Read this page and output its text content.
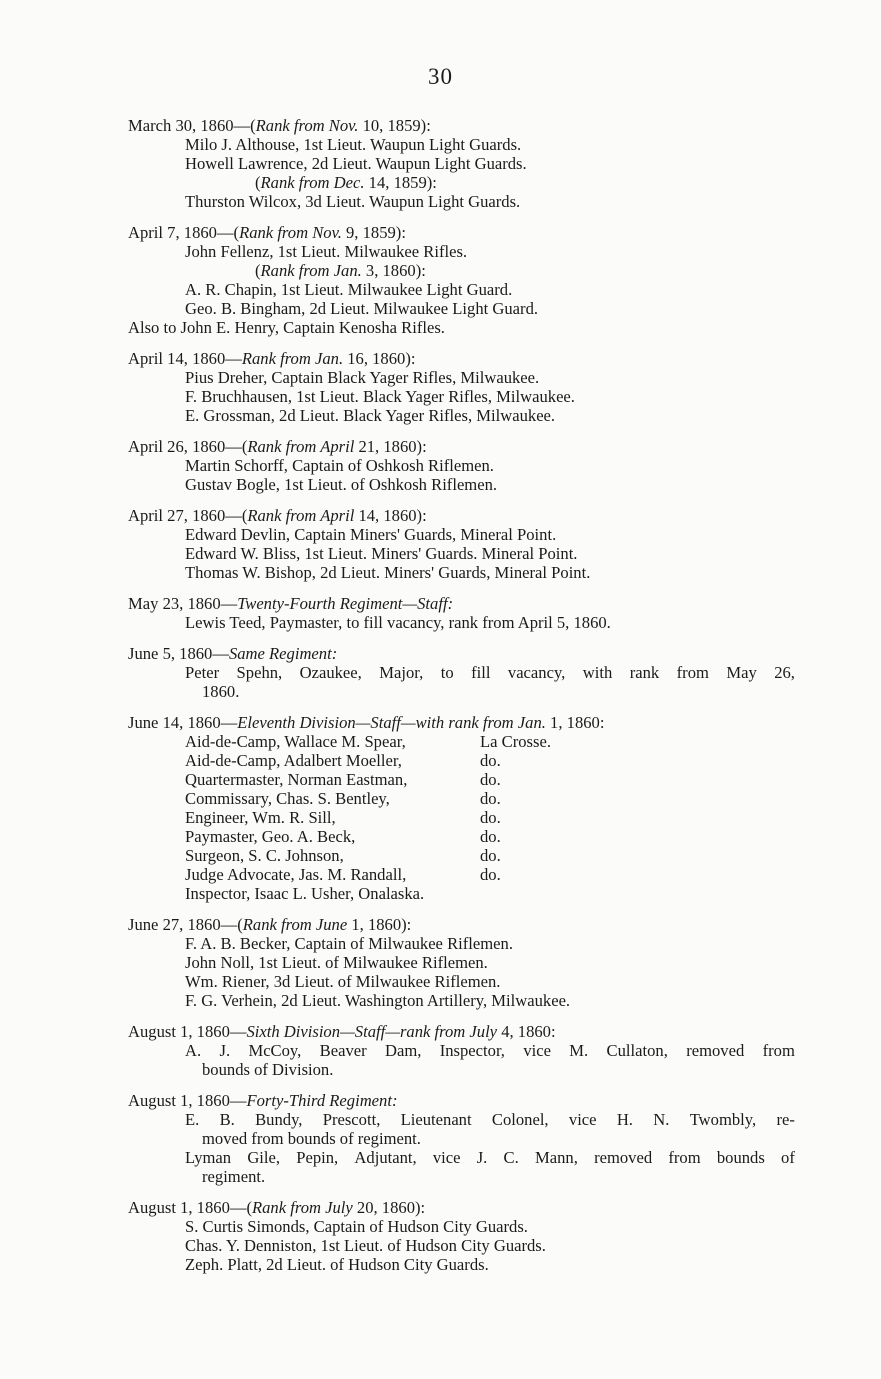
30
March 30, 1860—(Rank from Nov. 10, 1859):
Milo J. Althouse, 1st Lieut. Waupun Light Guards.
Howell Lawrence, 2d Lieut. Waupun Light Guards.
(Rank from Dec. 14, 1859):
Thurston Wilcox, 3d Lieut. Waupun Light Guards.
April 7, 1860—(Rank from Nov. 9, 1859):
John Fellenz, 1st Lieut. Milwaukee Rifles.
(Rank from Jan. 3, 1860):
A. R. Chapin, 1st Lieut. Milwaukee Light Guard.
Geo. B. Bingham, 2d Lieut. Milwaukee Light Guard.
Also to John E. Henry, Captain Kenosha Rifles.
April 14, 1860—Rank from Jan. 16, 1860):
Pius Dreher, Captain Black Yager Rifles, Milwaukee.
F. Bruchhausen, 1st Lieut. Black Yager Rifles, Milwaukee.
E. Grossman, 2d Lieut. Black Yager Rifles, Milwaukee.
April 26, 1860—(Rank from April 21, 1860):
Martin Schorff, Captain of Oshkosh Riflemen.
Gustav Bogle, 1st Lieut. of Oshkosh Riflemen.
April 27, 1860—(Rank from April 14, 1860):
Edward Devlin, Captain Miners' Guards, Mineral Point.
Edward W. Bliss, 1st Lieut. Miners' Guards. Mineral Point.
Thomas W. Bishop, 2d Lieut. Miners' Guards, Mineral Point.
May 23, 1860—Twenty-Fourth Regiment—Staff:
Lewis Teed, Paymaster, to fill vacancy, rank from April 5, 1860.
June 5, 1860—Same Regiment:
Peter Spehn, Ozaukee, Major, to fill vacancy, with rank from May 26,
1860.
June 14, 1860—Eleventh Division—Staff—with rank from Jan. 1, 1860:
Aid-de-Camp, Wallace M. Spear,	La Crosse.
Aid-de-Camp, Adalbert Moeller,	do.
Quartermaster, Norman Eastman,	do.
Commissary, Chas. S. Bentley,	do.
Engineer, Wm. R. Sill,	do.
Paymaster, Geo. A. Beck,	do.
Surgeon, S. C. Johnson,	do.
Judge Advocate, Jas. M. Randall,	do.
Inspector, Isaac L. Usher, Onalaska.
June 27, 1860—(Rank from June 1, 1860):
F. A. B. Becker, Captain of Milwaukee Riflemen.
John Noll, 1st Lieut. of Milwaukee Riflemen.
Wm. Riener, 3d Lieut. of Milwaukee Riflemen.
F. G. Verhein, 2d Lieut. Washington Artillery, Milwaukee.
August 1, 1860—Sixth Division—Staff—rank from July 4, 1860:
A. J. McCoy, Beaver Dam, Inspector, vice M. Cullaton, removed from
bounds of Division.
August 1, 1860—Forty-Third Regiment:
E. B. Bundy, Prescott, Lieutenant Colonel, vice H. N. Twombly, re-
moved from bounds of regiment.
Lyman Gile, Pepin, Adjutant, vice J. C. Mann, removed from bounds of
regiment.
August 1, 1860—(Rank from July 20, 1860):
S. Curtis Simonds, Captain of Hudson City Guards.
Chas. Y. Denniston, 1st Lieut. of Hudson City Guards.
Zeph. Platt, 2d Lieut. of Hudson City Guards.
